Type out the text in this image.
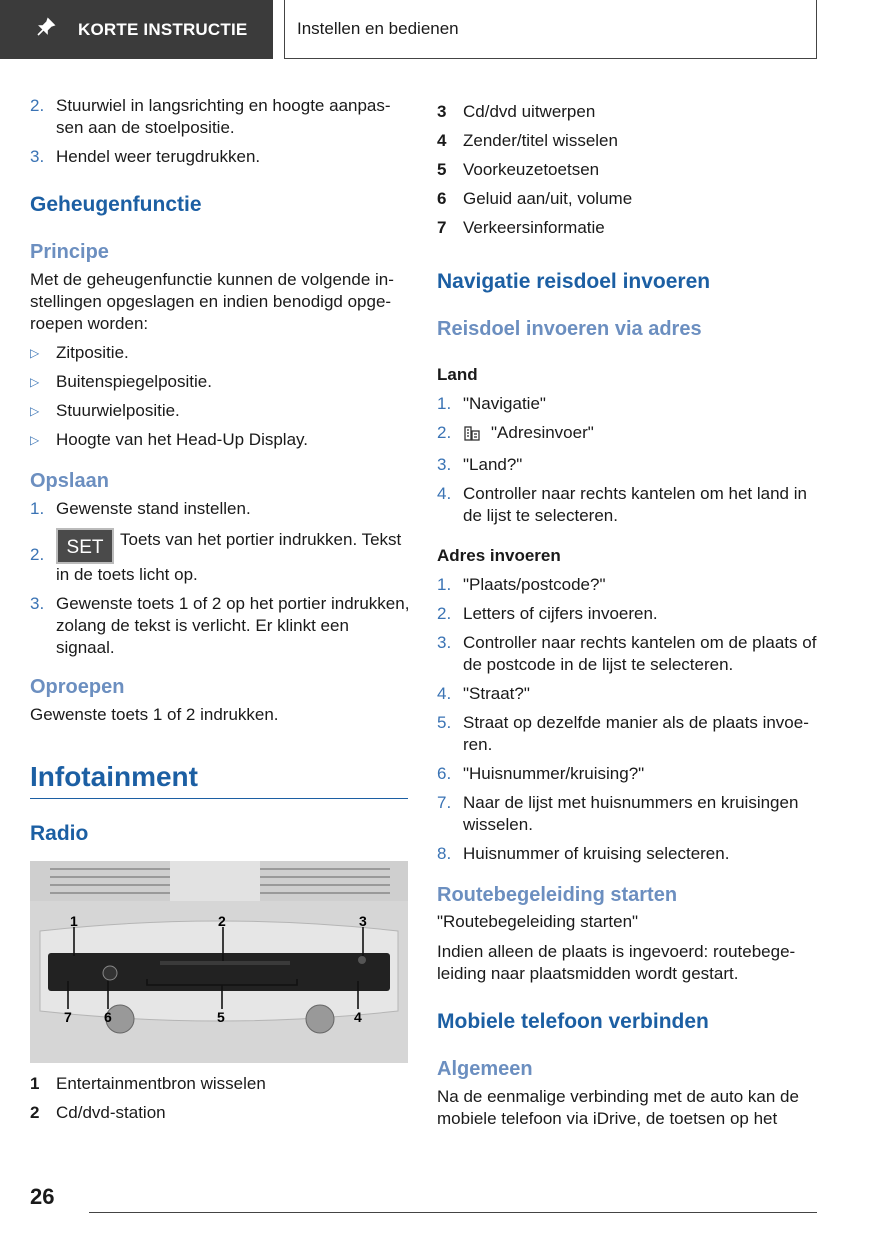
KORTE INSTRUCTIE	Instellen en bedienen
2. Stuurwiel in langsrichting en hoogte aanpassen aan de stoelpositie.
3. Hendel weer terugdrukken.
Geheugenfunctie
Principe

Met de geheugenfunctie kunnen de volgende instellingen opgeslagen en indien benodigd opgeroepen worden:

▷ Zitpositie.
▷ Buitenspiegelpositie.
▷ Stuurwielpositie.
▷ Hoogte van het Head-Up Display.
Opslaan
1. Gewenste stand instellen.
2.	SET Toets van het portier indrukken. Tekst in de toets licht op.
3. Gewenste toets 1 of 2 op het portier indrukken, zolang de tekst is verlicht. Er klinkt een signaal.
Oproepen

Gewenste toets 1 of 2 indrukken.

Infotainment
Radio
1	2	3
4
5
6
7
1 Entertainmentbron wisselen
2 Cd/dvd-station
3 Cd/dvd uitwerpen
4 Zender/titel wisselen
5 Voorkeuzetoetsen
6 Geluid aan/uit, volume
7 Verkeersinformatie
Navigatie reisdoel invoeren
Reisdoel invoeren via adres
Land
1. "Navigatie"
2.	"Adresinvoer"
3. "Land?"
4. Controller naar rechts kantelen om het land in de lijst te selecteren.
Adres invoeren
1. "Plaats/postcode?"
2. Letters of cijfers invoeren.
3. Controller naar rechts kantelen om de plaats of de postcode in de lijst te selecteren.
4. "Straat?"
5. Straat op dezelfde manier als de plaats invoeren.
6. "Huisnummer/kruising?"
7. Naar de lijst met huisnummers en kruisingen wisselen.
8. Huisnummer of kruising selecteren.
Routebegeleiding starten

"Routebegeleiding starten"

Indien alleen de plaats is ingevoerd: routebegeleiding naar plaatsmidden wordt gestart.

Mobiele telefoon verbinden
Algemeen

Na de eenmalige verbinding met de auto kan de mobiele telefoon via iDrive, de toetsen op het

26
